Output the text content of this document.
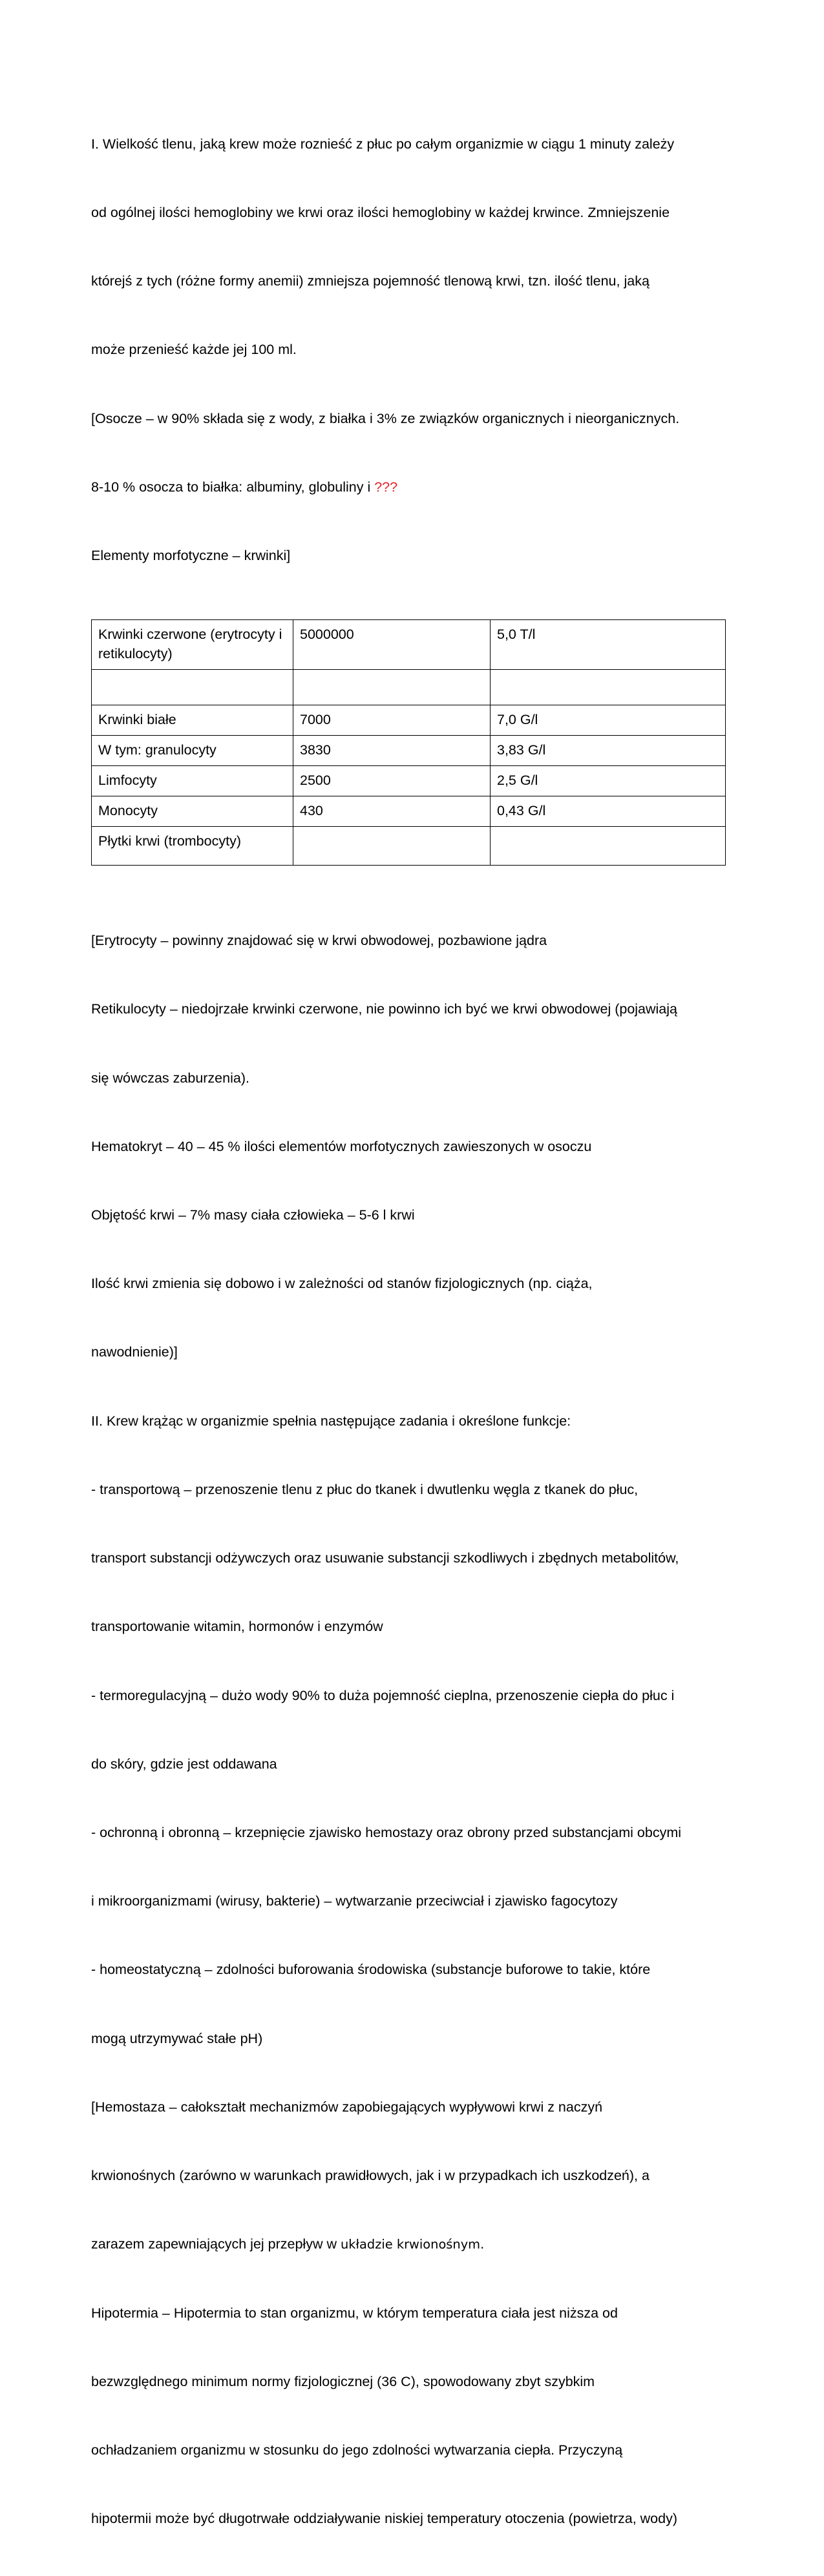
I. Wielkość tlenu, jaką krew może roznieść z płuc po całym organizmie w ciągu 1 minuty zależy

od ogólnej ilości hemoglobiny we krwi oraz ilości hemoglobiny w każdej krwince. Zmniejszenie

którejś z tych (różne formy anemii) zmniejsza pojemność tlenową krwi, tzn. ilość tlenu, jaką

może przenieść każde jej 100 ml.

[Osocze – w 90% składa się z wody, z białka i 3% ze związków organicznych i nieorganicznych.

8-10 % osocza to białka: albuminy, globuliny i ???

Elementy morfotyczne – krwinki]

Krwinki czerwone (erytrocyty i retikulocyty)	5000000	5,0 T/l

Krwinki białe	7000	7,0 G/l
W tym: granulocyty	3830	3,83 G/l
Limfocyty	2500	2,5 G/l
Monocyty	430	0,43 G/l
Płytki krwi (trombocyty)		

[Erytrocyty – powinny znajdować się w krwi obwodowej, pozbawione jądra

Retikulocyty – niedojrzałe krwinki czerwone, nie powinno ich być we krwi obwodowej (pojawiają

się wówczas zaburzenia).

Hematokryt – 40 – 45 % ilości elementów morfotycznych zawieszonych w osoczu

Objętość krwi – 7% masy ciała człowieka – 5-6 l krwi

Ilość krwi zmienia się dobowo i w zależności od stanów fizjologicznych (np. ciąża,

nawodnienie)]

II. Krew krążąc w organizmie spełnia następujące zadania i określone funkcje:

- transportową – przenoszenie tlenu z płuc do tkanek i dwutlenku węgla z tkanek do płuc,

transport substancji odżywczych oraz usuwanie substancji szkodliwych i zbędnych metabolitów,

transportowanie witamin, hormonów i enzymów

- termoregulacyjną – dużo wody 90% to duża pojemność cieplna, przenoszenie ciepła do płuc i

do skóry, gdzie jest oddawana

- ochronną i obronną – krzepnięcie zjawisko hemostazy oraz obrony przed substancjami obcymi

i mikroorganizmami (wirusy, bakterie) – wytwarzanie przeciwciał i zjawisko fagocytozy

- homeostatyczną – zdolności buforowania środowiska (substancje buforowe to takie, które

mogą utrzymywać stałe pH)

[Hemostaza – całokształt mechanizmów zapobiegających wypływowi krwi z naczyń

krwionośnych (zarówno w warunkach prawidłowych, jak i w przypadkach ich uszkodzeń), a

zarazem zapewniających jej przepływ w układzie krwionośnym.

Hipotermia – Hipotermia to stan organizmu, w którym temperatura ciała jest niższa od

bezwzględnego minimum normy fizjologicznej (36 C), spowodowany zbyt szybkim

ochładzaniem organizmu w stosunku do jego zdolności wytwarzania ciepła. Przyczyną

hipotermii może być długotrwałe oddziaływanie niskiej temperatury otoczenia (powietrza, wody)
